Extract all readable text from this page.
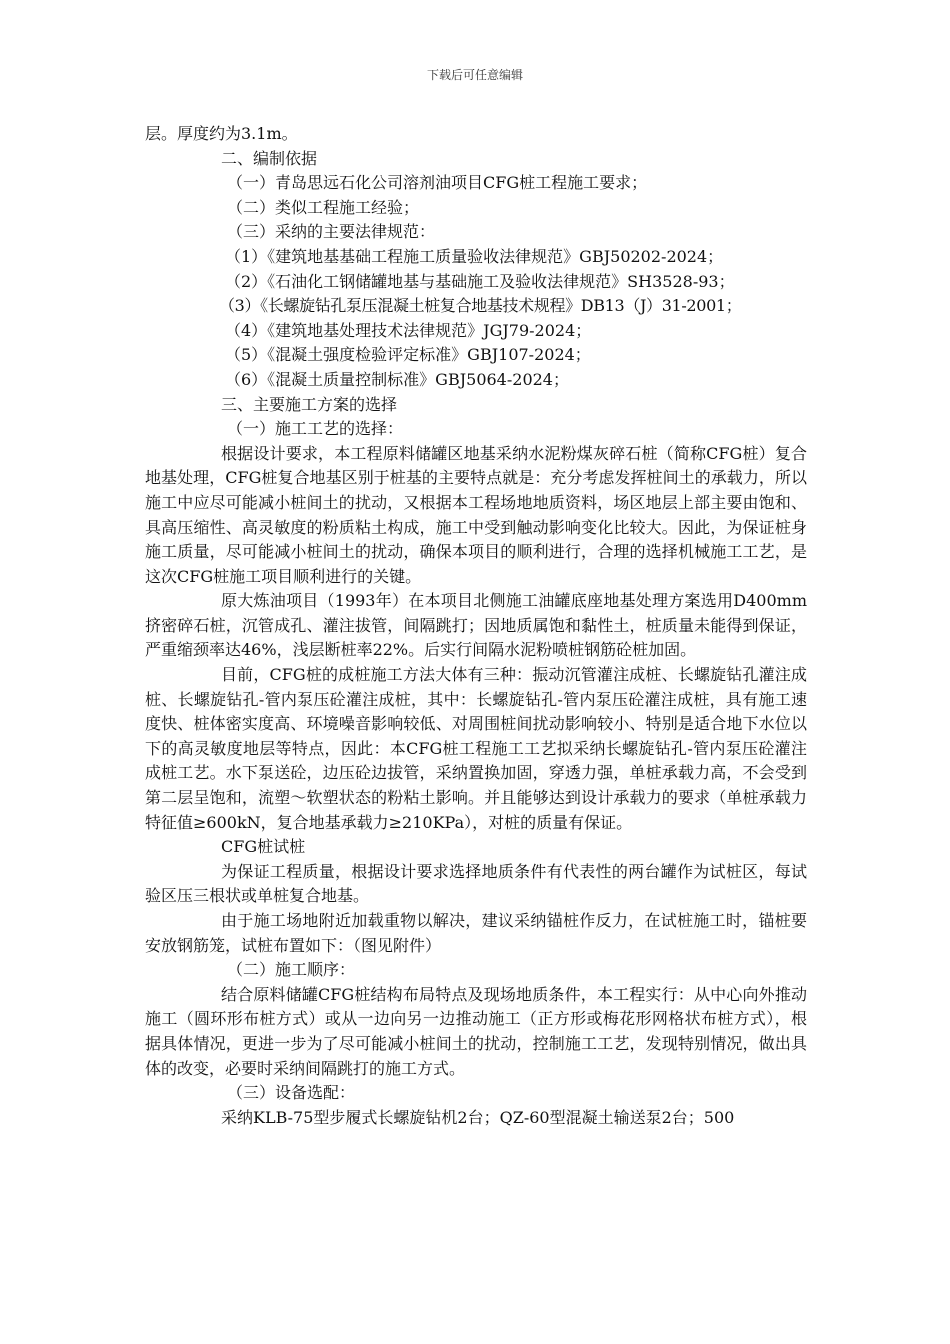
下载后可任意编辑
层。厚度约为3.1m。
二、编制依据
（一）青岛思远石化公司溶剂油项目CFG桩工程施工要求；
（二）类似工程施工经验；
（三）采纳的主要法律规范：
（1）《建筑地基基础工程施工质量验收法律规范》GBJ50202-2024；
（2）《石油化工钢储罐地基与基础施工及验收法律规范》SH3528-93；
（3）《长螺旋钻孔泵压混凝土桩复合地基技术规程》DB13（J）31-2001；
（4）《建筑地基处理技术法律规范》JGJ79-2024；
（5）《混凝土强度检验评定标准》GBJ107-2024；
（6）《混凝土质量控制标准》GBJ5064-2024；
三、主要施工方案的选择
（一）施工工艺的选择：
根据设计要求，本工程原料储罐区地基采纳水泥粉煤灰碎石桩（简称CFG桩）复合地基处理，CFG桩复合地基区别于桩基的主要特点就是：充分考虑发挥桩间土的承载力，所以施工中应尽可能减小桩间土的扰动，又根据本工程场地地质资料，场区地层上部主要由饱和、具高压缩性、高灵敏度的粉质粘土构成，施工中受到触动影响变化比较大。因此，为保证桩身施工质量，尽可能减小桩间土的扰动，确保本项目的顺利进行，合理的选择机械施工工艺，是这次CFG桩施工项目顺利进行的关键。
原大炼油项目（1993年）在本项目北侧施工油罐底座地基处理方案选用D400mm挤密碎石桩，沉管成孔、灌注拔管，间隔跳打；因地质属饱和黏性土，桩质量未能得到保证，严重缩颈率达46%，浅层断桩率22%。后实行间隔水泥粉喷桩钢筋砼桩加固。
目前，CFG桩的成桩施工方法大体有三种：振动沉管灌注成桩、长螺旋钻孔灌注成桩、长螺旋钻孔-管内泵压砼灌注成桩，其中：长螺旋钻孔-管内泵压砼灌注成桩，具有施工速度快、桩体密实度高、环境噪音影响较低、对周围桩间扰动影响较小、特别是适合地下水位以下的高灵敏度地层等特点，因此：本CFG桩工程施工工艺拟采纳长螺旋钻孔-管内泵压砼灌注成桩工艺。水下泵送砼，边压砼边拔管，采纳置换加固，穿透力强，单桩承载力高，不会受到第二层呈饱和，流塑～软塑状态的粉粘土影响。并且能够达到设计承载力的要求（单桩承载力特征值≥600kN，复合地基承载力≥210KPa），对桩的质量有保证。
CFG桩试桩
为保证工程质量，根据设计要求选择地质条件有代表性的两台罐作为试桩区，每试验区压三根状或单桩复合地基。
由于施工场地附近加载重物以解决，建议采纳锚桩作反力，在试桩施工时，锚桩要安放钢筋笼，试桩布置如下：（图见附件）
（二）施工顺序：
结合原料储罐CFG桩结构布局特点及现场地质条件，本工程实行：从中心向外推动施工（圆环形布桩方式）或从一边向另一边推动施工（正方形或梅花形网格状布桩方式），根据具体情况，更进一步为了尽可能减小桩间土的扰动，控制施工工艺，发现特别情况，做出具体的改变，必要时采纳间隔跳打的施工方式。
（三）设备选配：
采纳KLB-75型步履式长螺旋钻机2台；QZ-60型混凝土输送泵2台；500
